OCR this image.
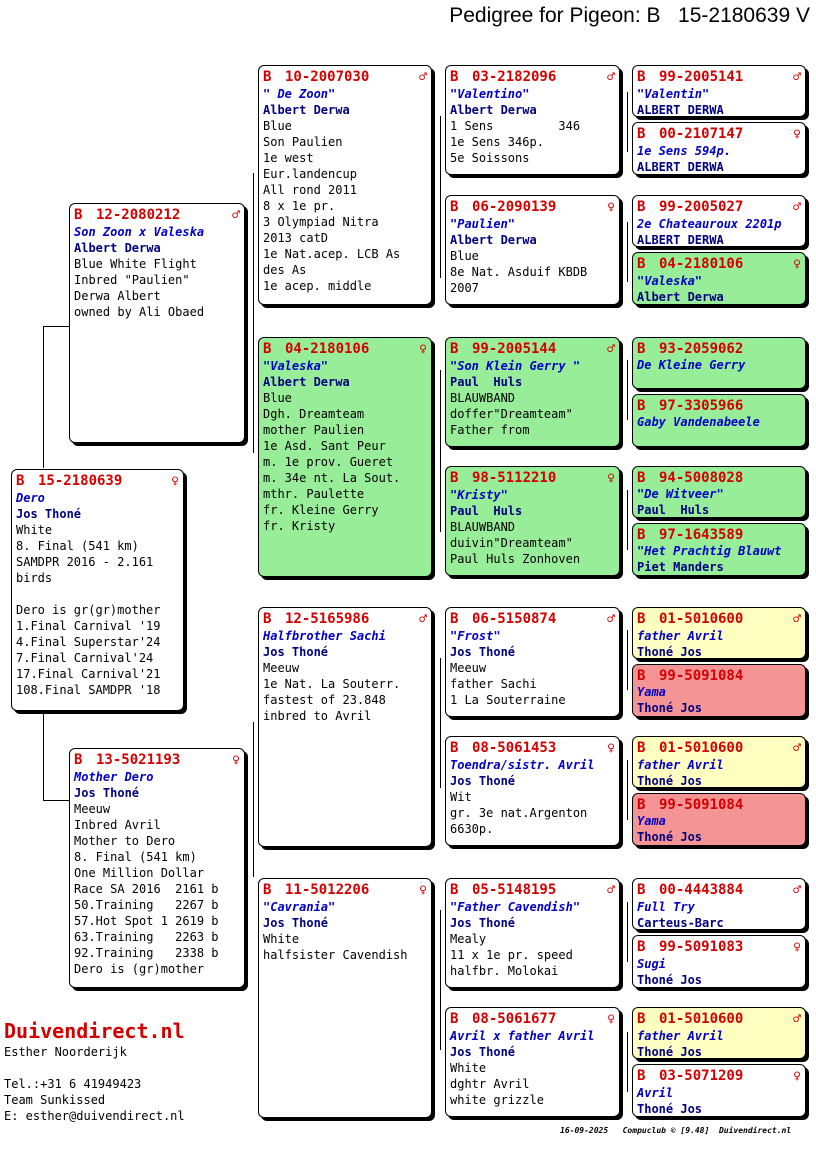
Pedigree for Pigeon: B   15-2180639 V
B 15-2180639	♀
Dero
Jos Thoné
White
8. Final (541 km)
SAMDPR 2016 - 2.161
birds
Dero is gr(gr)mother
1.Final Carnival '19
4.Final Superstar'24
7.Final Carnival'24
17.Final Carnival'21
108.Final SAMDPR '18
B 12-2080212	♂
Son Zoon x Valeska
Albert Derwa
Blue White Flight
Inbred "Paulien"
Derwa Albert
owned by Ali Obaed
B 13-5021193	♀
Mother Dero
Jos Thoné
Meeuw
Inbred Avril
Mother to Dero
8. Final (541 km)
One Million Dollar
Race SA 2016  2161 b
50.Training   2267 b
57.Hot Spot 1 2619 b
63.Training   2263 b
92.Training   2338 b
Dero is (gr)mother
B 10-2007030	♂
" De Zoon"
Albert Derwa
Blue
Son Paulien
1e west
Eur.landencup
All rond 2011
8 x 1e pr.
3 Olympiad Nitra
2013 catD
1e Nat.acep. LCB As
des As
1e acep. middle
B 04-2180106	♀
"Valeska"
Albert Derwa
Blue
Dgh. Dreamteam
mother Paulien
1e Asd. Sant Peur
m. 1e prov. Gueret
m. 34e nt. La Sout.
mthr. Paulette
fr. Kleine Gerry
fr. Kristy
B 12-5165986	♂
Halfbrother Sachi
Jos Thoné
Meeuw
1e Nat. La Souterr.
fastest of 23.848
inbred to Avril
B 11-5012206	♀
"Cavrania"
Jos Thoné
White
halfsister Cavendish
B 03-2182096	♂
"Valentino"
Albert Derwa
1 Sens         346
1e Sens 346p.
5e Soissons
B 06-2090139	♀
"Paulien"
Albert Derwa
Blue
8e Nat. Asduif KBDB
2007
B 99-2005144	♂
"Son Klein Gerry "
Paul  Huls
BLAUWBAND
doffer"Dreamteam"
Father from
B 98-5112210	♀
"Kristy"
Paul  Huls
BLAUWBAND
duivin"Dreamteam"
Paul Huls Zonhoven
B 06-5150874	♂
"Frost"
Jos Thoné
Meeuw
father Sachi
1 La Souterraine
B 08-5061453	♀
Toendra/sistr. Avril
Jos Thoné
Wit
gr. 3e nat.Argenton
6630p.
B 05-5148195	♂
"Father Cavendish"
Jos Thoné
Mealy
11 x 1e pr. speed
halfbr. Molokai
B 08-5061677	♀
Avril x father Avril
Jos Thoné
White
dghtr Avril
white grizzle
B 99-2005141	♂
"Valentin"
ALBERT DERWA
B 00-2107147	♀
1e Sens 594p.
ALBERT DERWA
B 99-2005027	♂
2e Chateauroux 2201p
ALBERT DERWA
B 04-2180106	♀
"Valeska"
Albert Derwa
B 93-2059062
De Kleine Gerry
B 97-3305966
Gaby Vandenabeele
B 94-5008028
"De Witveer"
Paul  Huls
B 97-1643589
"Het Prachtig Blauwt
Piet Manders
B 01-5010600	♂
father Avril
Thoné Jos
B 99-5091084
Yama
Thoné Jos
B 01-5010600	♂
father Avril
Thoné Jos
B 99-5091084
Yama
Thoné Jos
B 00-4443884	♂
Full Try
Carteus-Barc
B 99-5091083	♀
Sugi
Thoné Jos
B 01-5010600	♂
father Avril
Thoné Jos
B 03-5071209	♀
Avril
Thoné Jos
Duivendirect.nl
Esther Noorderijk
Tel.:+31 6 41949423
Team Sunkissed
E: esther@duivendirect.nl
16-09-2025   Compuclub © [9.48]  Duivendirect.nl
